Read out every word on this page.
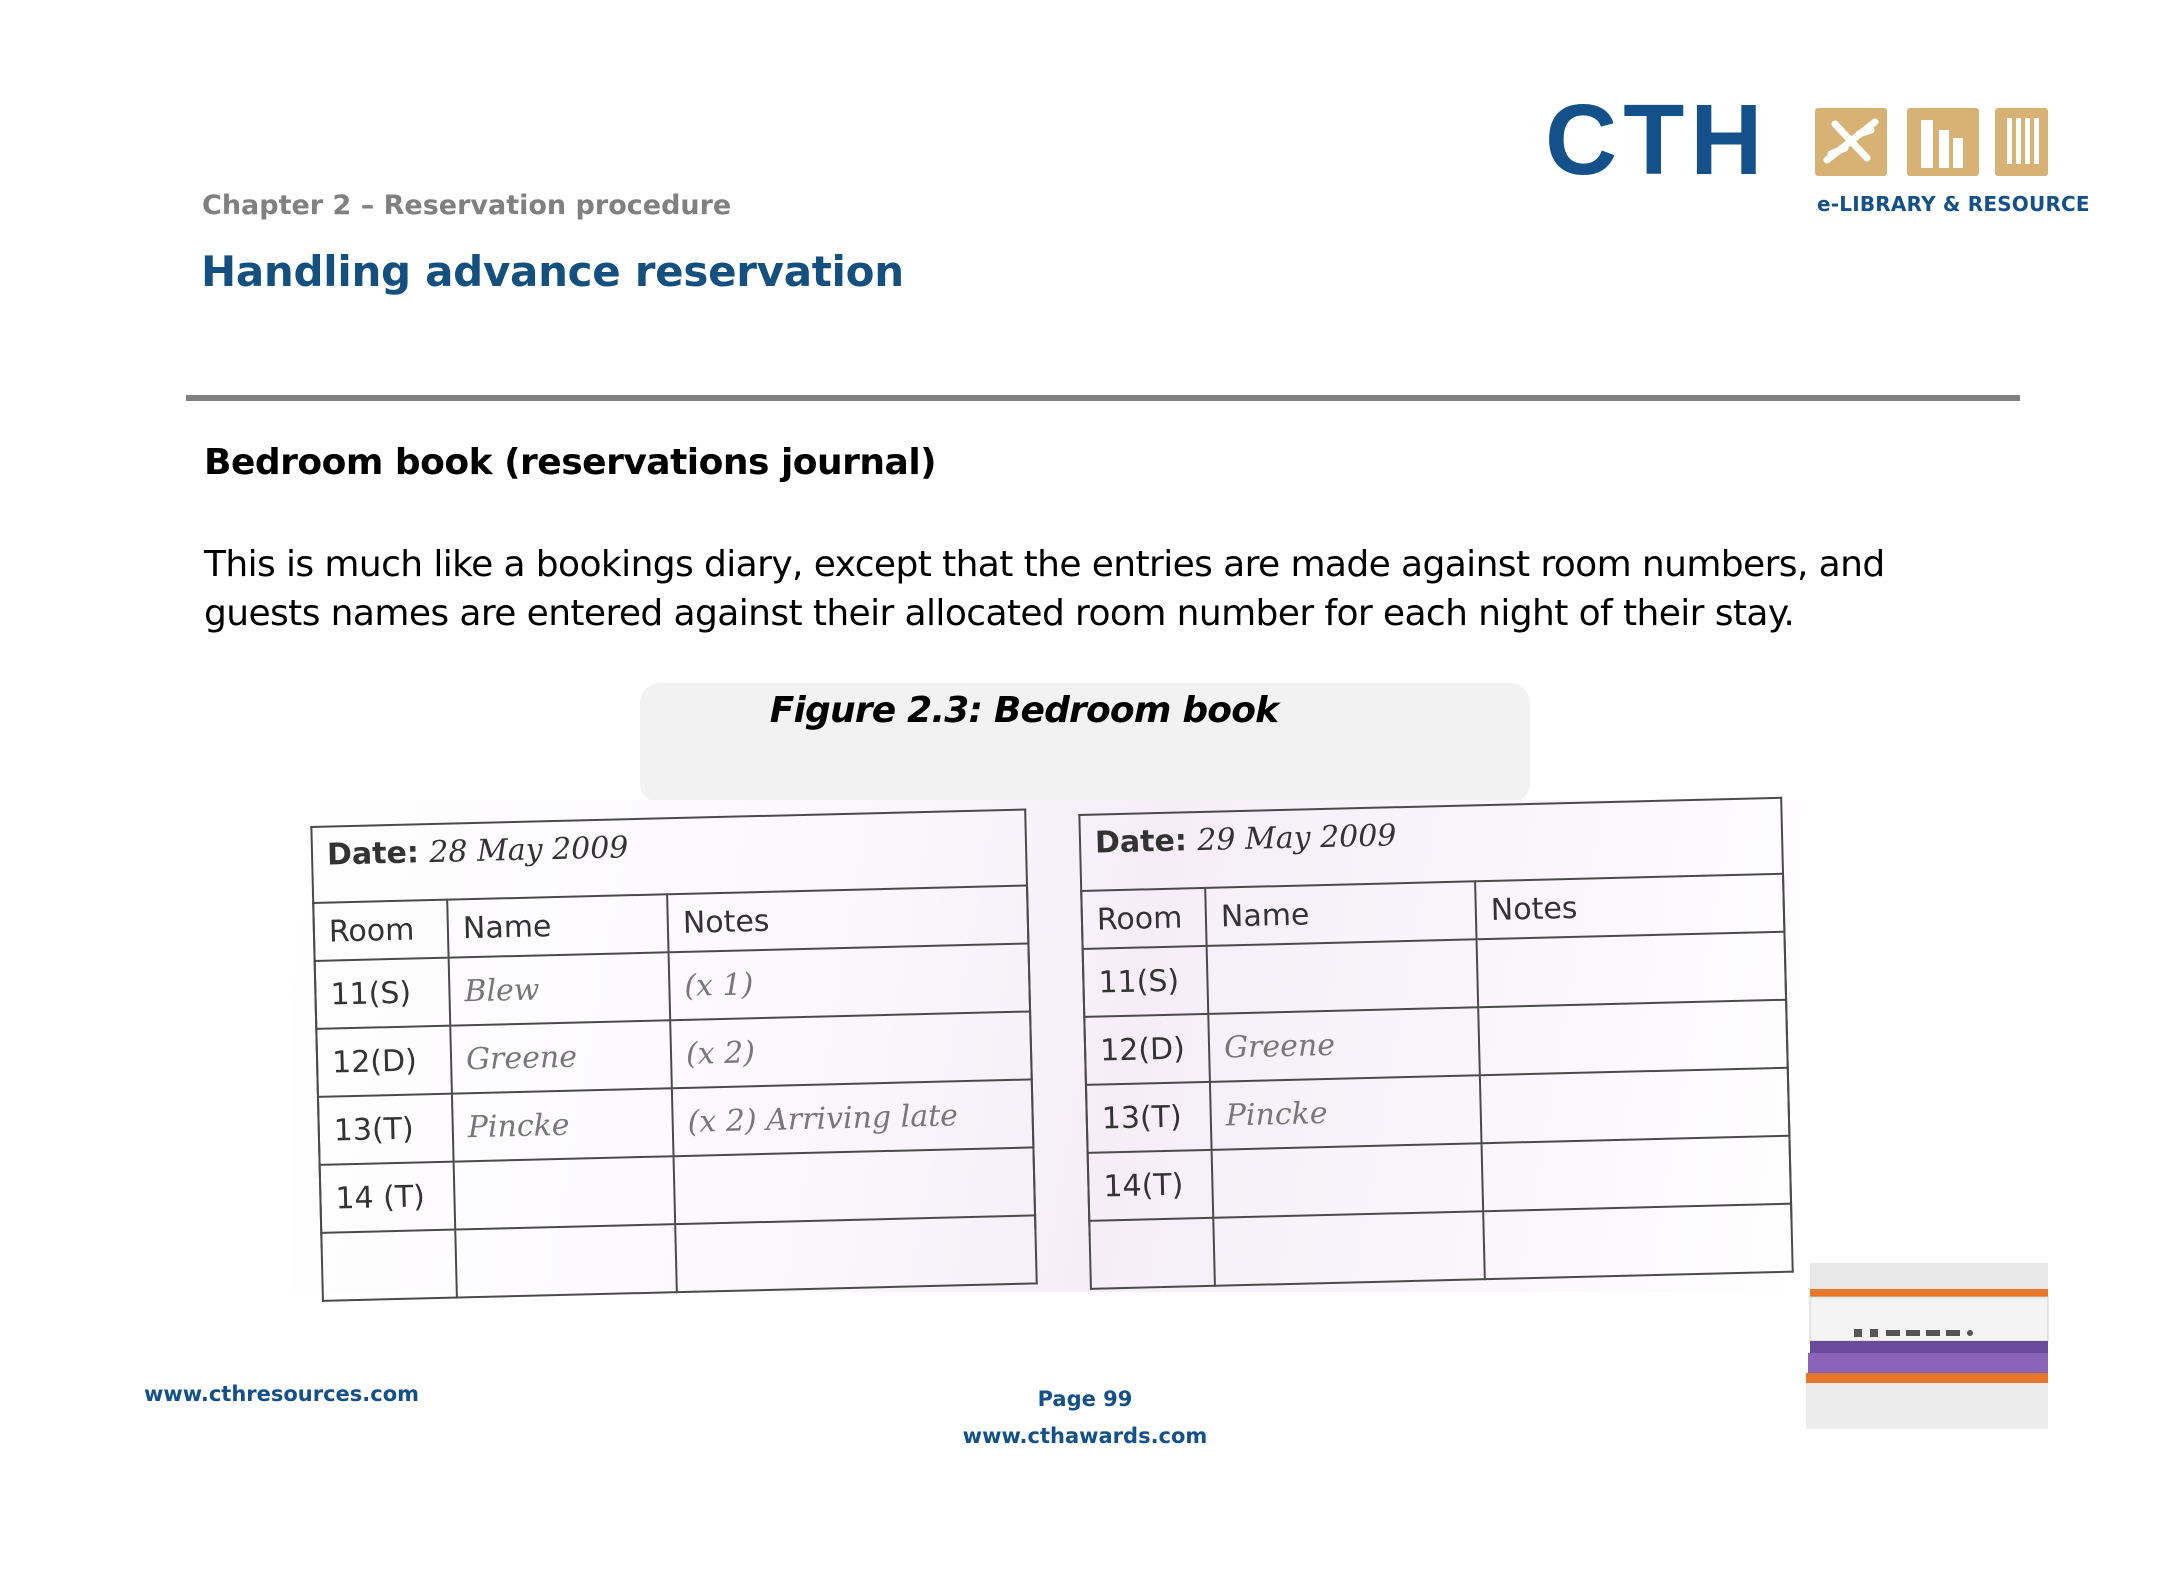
Chapter 2 – Reservation procedure
Handling advance reservation
CTH
e-LIBRARY & RESOURCE
Bedroom book (reservations journal)
This is much like a bookings diary, except that the entries are made against room numbers, and guests names are entered against their allocated room number for each night of their stay.
Figure 2.3: Bedroom book
Date: 28 May 2009
Room	Name	Notes
11(S)	Blew	(x 1)
12(D)	Greene	(x 2)
13(T)	Pincke	(x 2) Arriving late
14 (T)		

Date: 29 May 2009
Room	Name	Notes
11(S)		
12(D)	Greene	
13(T)	Pincke	
14(T)		

www.cthresources.com	Page 99
www.cthawards.com
